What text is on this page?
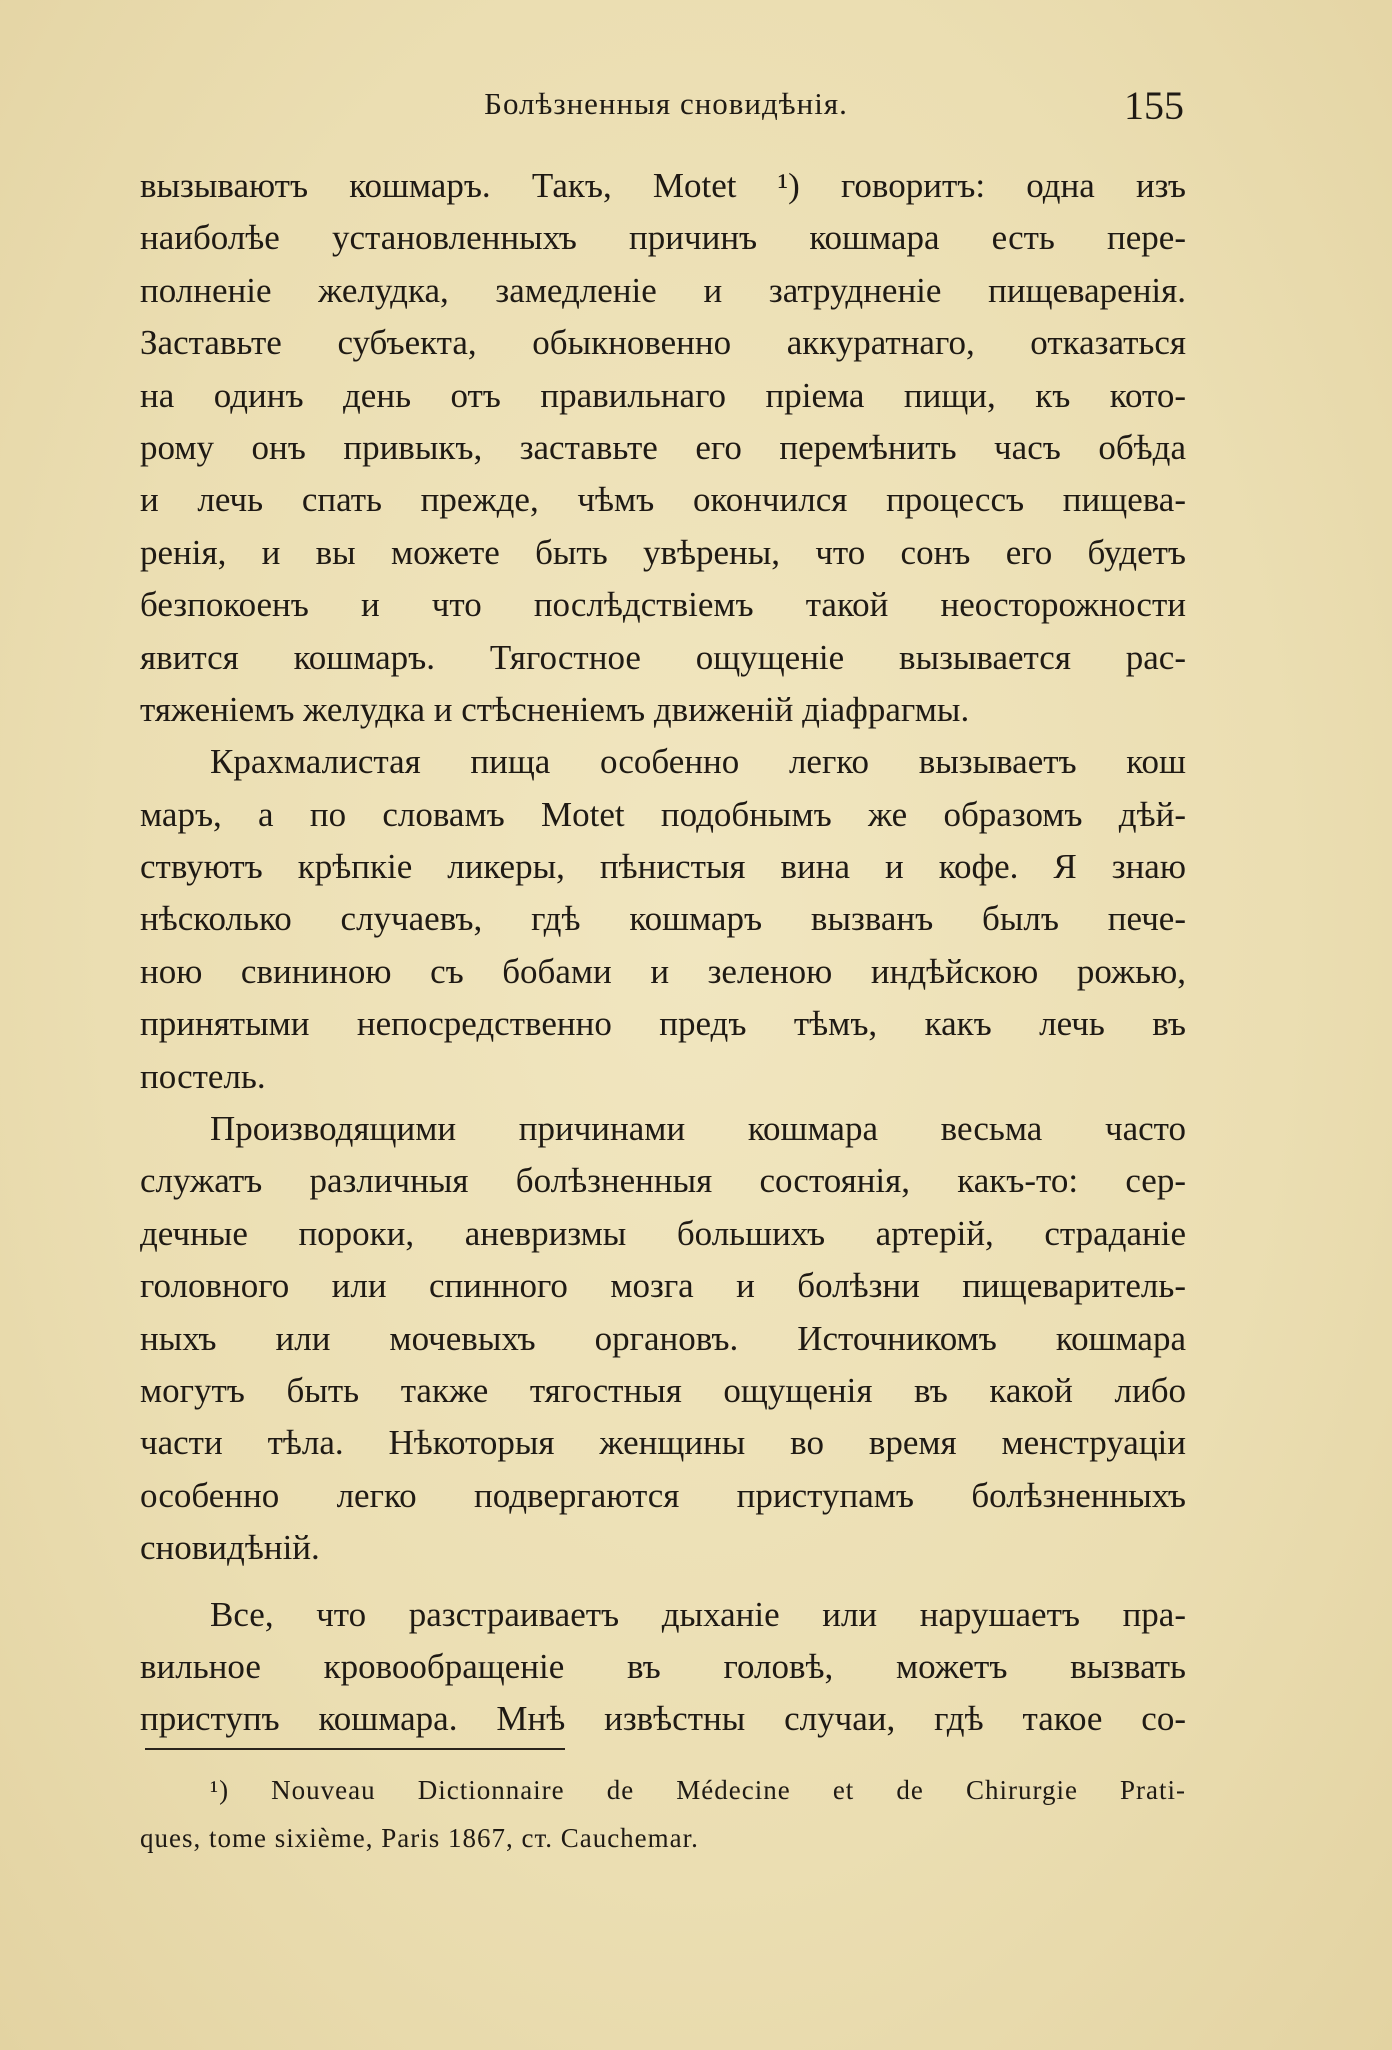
Болѣзненныя сновидѣнія.	155
вызываютъ кошмаръ. Такъ, Motet ¹) говоритъ: одна изъ
наиболѣе установленныхъ причинъ кошмара есть пере-
полненіе желудка, замедленіе и затрудненіе пищеваренія.
Заставьте субъекта, обыкновенно аккуратнаго, отказаться
на одинъ день отъ правильнаго пріема пищи, къ кото-
рому онъ привыкъ, заставьте его перемѣнить часъ обѣда
и лечь спать прежде, чѣмъ окончился процессъ пищева-
ренія, и вы можете быть увѣрены, что сонъ его будетъ
безпокоенъ и что послѣдствіемъ такой неосторожности
явится кошмаръ. Тягостное ощущеніе вызывается рас-
тяженіемъ желудка и стѣсненіемъ движеній діафрагмы.
Крахмалистая пища особенно легко вызываетъ кош
маръ, а по словамъ Motet подобнымъ же образомъ дѣй-
ствуютъ крѣпкіе ликеры, пѣнистыя вина и кофе. Я знаю
нѣсколько случаевъ, гдѣ кошмаръ вызванъ былъ пече-
ною свининою съ бобами и зеленою индѣйскою рожью,
принятыми непосредственно предъ тѣмъ, какъ лечь въ
постель.
Производящими причинами кошмара весьма часто
служатъ различныя болѣзненныя состоянія, какъ-то: сер-
дечные пороки, аневризмы большихъ артерій, страданіе
головного или спинного мозга и болѣзни пищеваритель-
ныхъ или мочевыхъ органовъ. Источникомъ кошмара
могутъ быть также тягостныя ощущенія въ какой либо
части тѣла. Нѣкоторыя женщины во время менструаціи
особенно легко подвергаются приступамъ болѣзненныхъ
сновидѣній.
Все, что разстраиваетъ дыханіе или нарушаетъ пра-
вильное кровообращеніе въ головѣ, можетъ вызвать
приступъ кошмара. Мнѣ извѣстны случаи, гдѣ такое со-
¹) Nouveau Dictionnaire de Médecine et de Chirurgie Prati-
ques, tome sixième, Paris 1867, ст. Cauchemar.
